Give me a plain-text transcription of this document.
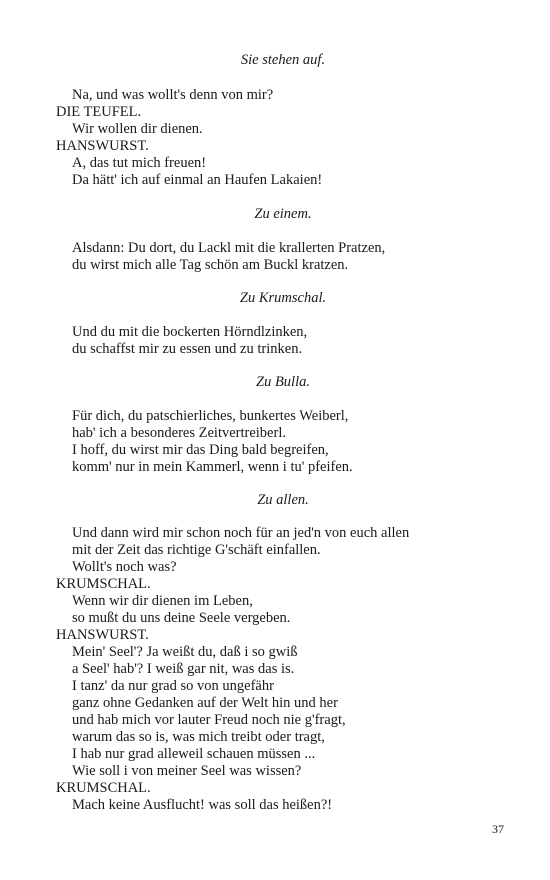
Sie stehen auf.
Na, und was wollt's denn von mir?
DIE TEUFEL.
Wir wollen dir dienen.
HANSWURST.
A, das tut mich freuen!
Da hätt' ich auf einmal an Haufen Lakaien!
Zu einem.
Alsdann: Du dort, du Lackl mit die krallerten Pratzen,
du wirst mich alle Tag schön am Buckl kratzen.
Zu Krumschal.
Und du mit die bockerten Hörndlzinken,
du schaffst mir zu essen und zu trinken.
Zu Bulla.
Für dich, du patschierliches, bunkertes Weiberl,
hab' ich a besonderes Zeitvertreiberl.
I hoff, du wirst mir das Ding bald begreifen,
komm' nur in mein Kammerl, wenn i tu' pfeifen.
Zu allen.
Und dann wird mir schon noch für an jed'n von euch allen
mit der Zeit das richtige G'schäft einfallen.
Wollt's noch was?
KRUMSCHAL.
Wenn wir dir dienen im Leben,
so mußt du uns deine Seele vergeben.
HANSWURST.
Mein' Seel'? Ja weißt du, daß i so gwiß
a Seel' hab'? I weiß gar nit, was das is.
I tanz' da nur grad so von ungefähr
ganz ohne Gedanken auf der Welt hin und her
und hab mich vor lauter Freud noch nie g'fragt,
warum das so is, was mich treibt oder tragt,
I hab nur grad alleweil schauen müssen ...
Wie soll i von meiner Seel was wissen?
KRUMSCHAL.
Mach keine Ausflucht! was soll das heißen?!
37
